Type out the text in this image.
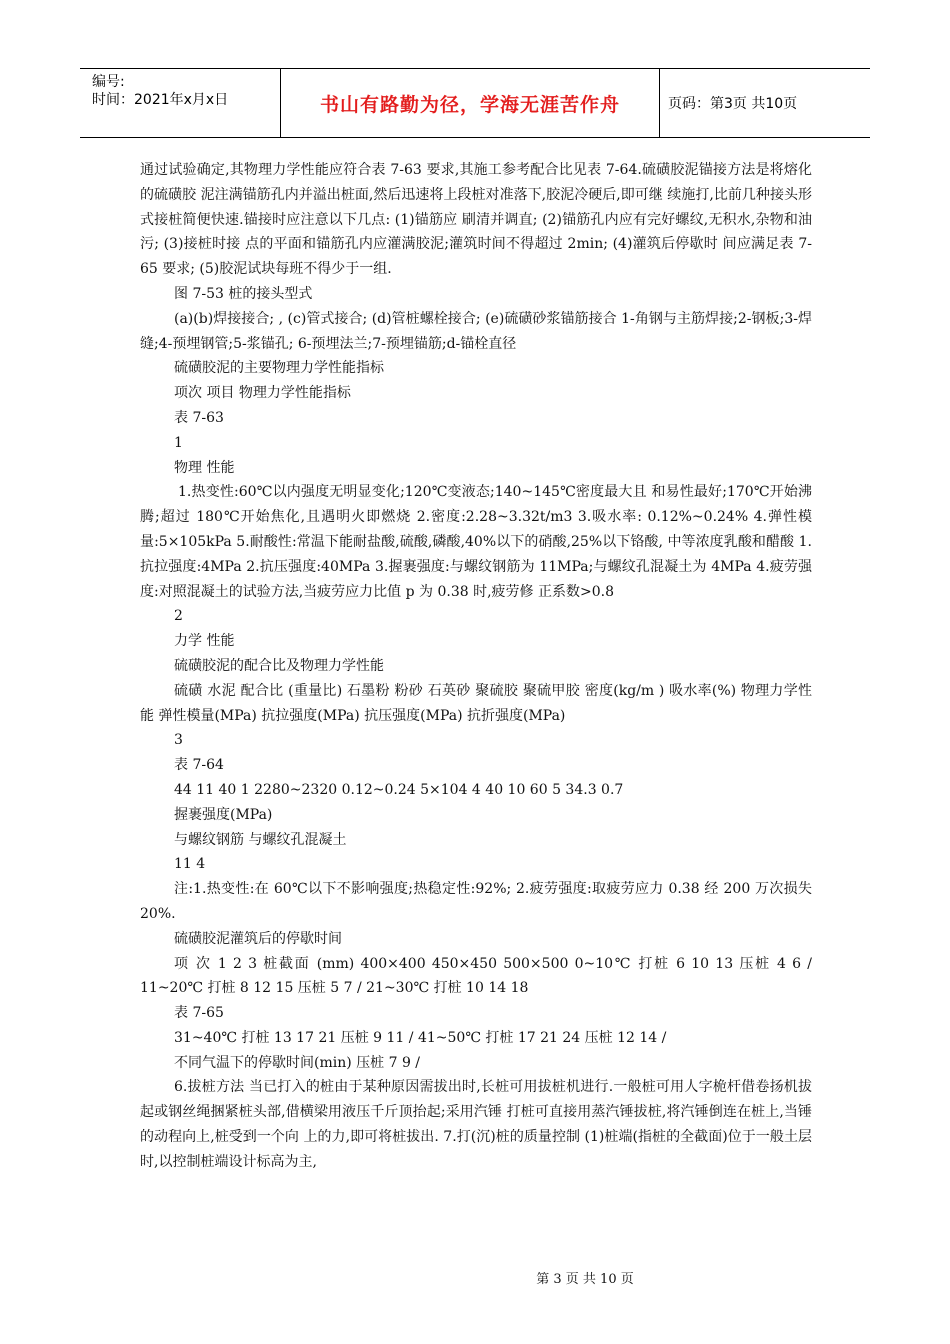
编号:
时间：2021年x月x日	书山有路勤为径，学海无涯苦作舟	页码：第3页 共10页

通过试验确定,其物理力学性能应符合表 7-63 要求,其施工参考配合比见表 7-64.硫磺胶泥锚接方法是将熔化的硫磺胶 泥注满锚筋孔内并溢出桩面,然后迅速将上段桩对准落下,胶泥冷硬后,即可继 续施打,比前几种接头形式接桩简便快速.锚接时应注意以下几点: (1)锚筋应 刷清并调直; (2)锚筋孔内应有完好螺纹,无积水,杂物和油污; (3)接桩时接 点的平面和锚筋孔内应灌满胶泥;灌筑时间不得超过 2min; (4)灌筑后停歇时 间应满足表 7-65 要求; (5)胶泥试块每班不得少于一组.

图 7-53 桩的接头型式

(a)(b)焊接接合; , (c)管式接合; (d)管桩螺栓接合; (e)硫磺砂浆锚筋接合 1-角钢与主筋焊接;2-钢板;3-焊缝;4-预埋钢管;5-浆锚孔; 6-预埋法兰;7-预埋锚筋;d-锚栓直径

硫磺胶泥的主要物理力学性能指标

项次 项目 物理力学性能指标

表 7-63

1

物理 性能

1.热变性:60℃以内强度无明显变化;120℃变液态;140~145℃密度最大且 和易性最好;170℃开始沸腾;超过 180℃开始焦化,且遇明火即燃烧 2.密度:2.28~3.32t/m3 3.吸水率: 0.12%~0.24% 4.弹性模量:5×105kPa 5.耐酸性:常温下能耐盐酸,硫酸,磷酸,40%以下的硝酸,25%以下铬酸, 中等浓度乳酸和醋酸 1.抗拉强度:4MPa 2.抗压强度:40MPa 3.握裹强度:与螺纹钢筋为 11MPa;与螺纹孔混凝土为 4MPa 4.疲劳强度:对照混凝土的试验方法,当疲劳应力比值 p 为 0.38 时,疲劳修 正系数>0.8

2

力学 性能

硫磺胶泥的配合比及物理力学性能

硫磺 水泥 配合比 (重量比) 石墨粉 粉砂 石英砂 聚硫胶 聚硫甲胶 密度(kg/m ) 吸水率(%) 物理力学性能 弹性模量(MPa) 抗拉强度(MPa) 抗压强度(MPa) 抗折强度(MPa)

3

表 7-64

44 11 40 1 2280~2320 0.12~0.24 5×104 4 40 10 60 5 34.3 0.7

握裹强度(MPa)

与螺纹钢筋 与螺纹孔混凝土

11 4

注:1.热变性:在 60℃以下不影响强度;热稳定性:92%; 2.疲劳强度:取疲劳应力 0.38 经 200 万次损失 20%.

硫磺胶泥灌筑后的停歇时间

项 次 1 2 3 桩截面 (mm) 400×400 450×450 500×500 0~10℃ 打桩 6 10 13 压桩 4 6 / 11~20℃ 打桩 8 12 15 压桩 5 7 / 21~30℃ 打桩 10 14 18

表 7-65

31~40℃ 打桩 13 17 21 压桩 9 11 / 41~50℃ 打桩 17 21 24 压桩 12 14 /

不同气温下的停歇时间(min) 压桩 7 9 /

6.拔桩方法 当已打入的桩由于某种原因需拔出时,长桩可用拔桩机进行.一般桩可用人字桅杆借卷扬机拔起或钢丝绳捆紧桩头部,借横梁用液压千斤顶抬起;采用汽锤 打桩可直接用蒸汽锤拔桩,将汽锤倒连在桩上,当锤的动程向上,桩受到一个向 上的力,即可将桩拔出. 7.打(沉)桩的质量控制 (1)桩端(指桩的全截面)位于一般土层时,以控制桩端设计标高为主,

第 3 页 共 10 页
